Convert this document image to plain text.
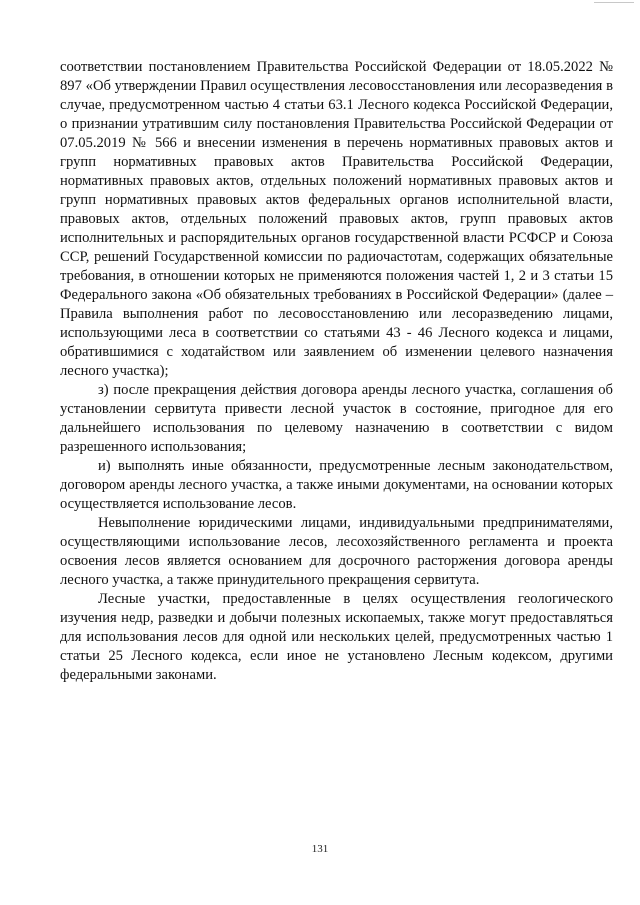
соответствии постановлением Правительства Российской Федерации от 18.05.2022 № 897 «Об утверждении Правил осуществления лесовосстановления или лесоразведения в случае, предусмотренном частью 4 статьи 63.1 Лесного кодекса Российской Федерации, о признании утратившим силу постановления Правительства Российской Федерации от 07.05.2019 № 566 и внесении изменения в перечень нормативных правовых актов и групп нормативных правовых актов Правительства Российской Федерации, нормативных правовых актов, отдельных положений нормативных правовых актов и групп нормативных правовых актов федеральных органов исполнительной власти, правовых актов, отдельных положений правовых актов, групп правовых актов исполнительных и распорядительных органов государственной власти РСФСР и Союза ССР, решений Государственной комиссии по радиочастотам, содержащих обязательные требования, в отношении которых не применяются положения частей 1, 2 и 3 статьи 15 Федерального закона «Об обязательных требованиях в Российской Федерации» (далее – Правила выполнения работ по лесовосстановлению или лесоразведению лицами, использующими леса в соответствии со статьями 43 - 46 Лесного кодекса и лицами, обратившимися с ходатайством или заявлением об изменении целевого назначения лесного участка);

з) после прекращения действия договора аренды лесного участка, соглашения об установлении сервитута привести лесной участок в состояние, пригодное для его дальнейшего использования по целевому назначению в соответствии с видом разрешенного использования;

и) выполнять иные обязанности, предусмотренные лесным законодательством, договором аренды лесного участка, а также иными документами, на основании которых осуществляется использование лесов.

Невыполнение юридическими лицами, индивидуальными предпринимателями, осуществляющими использование лесов, лесохозяйственного регламента и проекта освоения лесов является основанием для досрочного расторжения договора аренды лесного участка, а также принудительного прекращения сервитута.

Лесные участки, предоставленные в целях осуществления геологического изучения недр, разведки и добычи полезных ископаемых, также могут предоставляться для использования лесов для одной или нескольких целей, предусмотренных частью 1 статьи 25 Лесного кодекса, если иное не установлено Лесным кодексом, другими федеральными законами.

131
